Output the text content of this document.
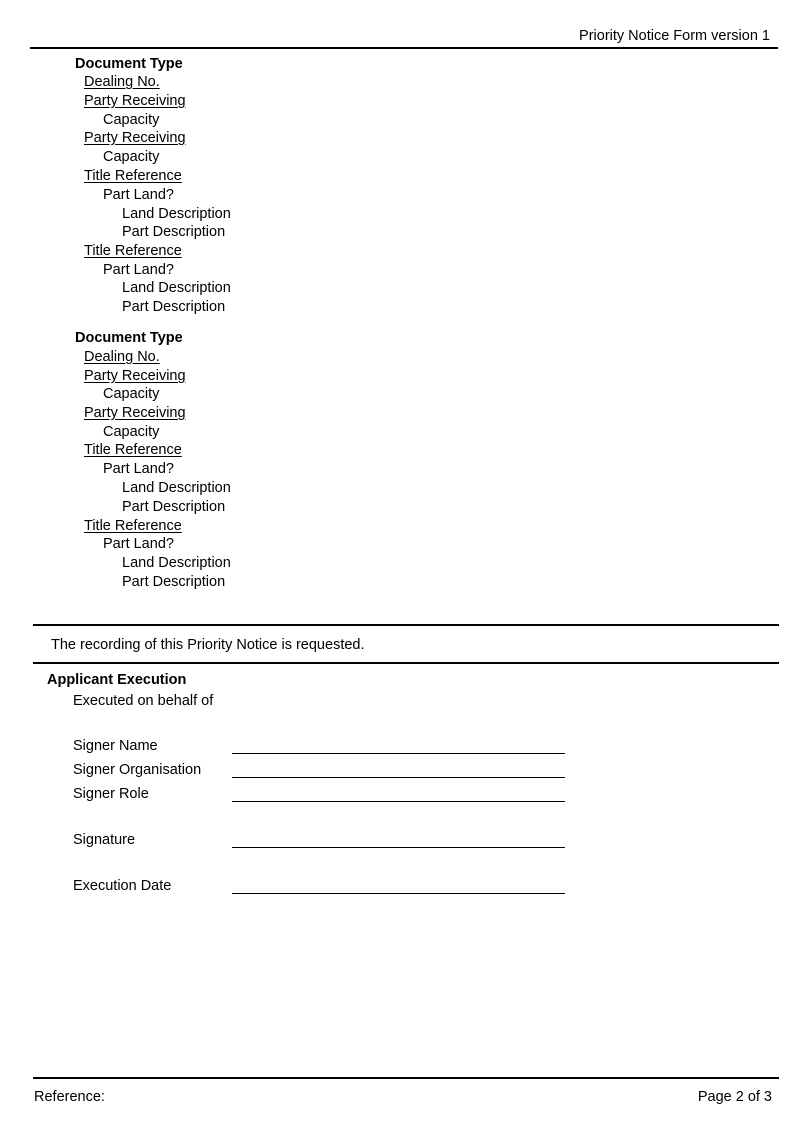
Priority Notice Form version 1
Document Type
Dealing No.
Party Receiving
Capacity
Party Receiving
Capacity
Title Reference
Part Land?
Land Description
Part Description
Title Reference
Part Land?
Land Description
Part Description
Document Type
Dealing No.
Party Receiving
Capacity
Party Receiving
Capacity
Title Reference
Part Land?
Land Description
Part Description
Title Reference
Part Land?
Land Description
Part Description
The recording of this Priority Notice is requested.
Applicant Execution
Executed on behalf of
Signer Name
Signer Organisation
Signer Role
Signature
Execution Date
Reference:	Page 2 of 3
